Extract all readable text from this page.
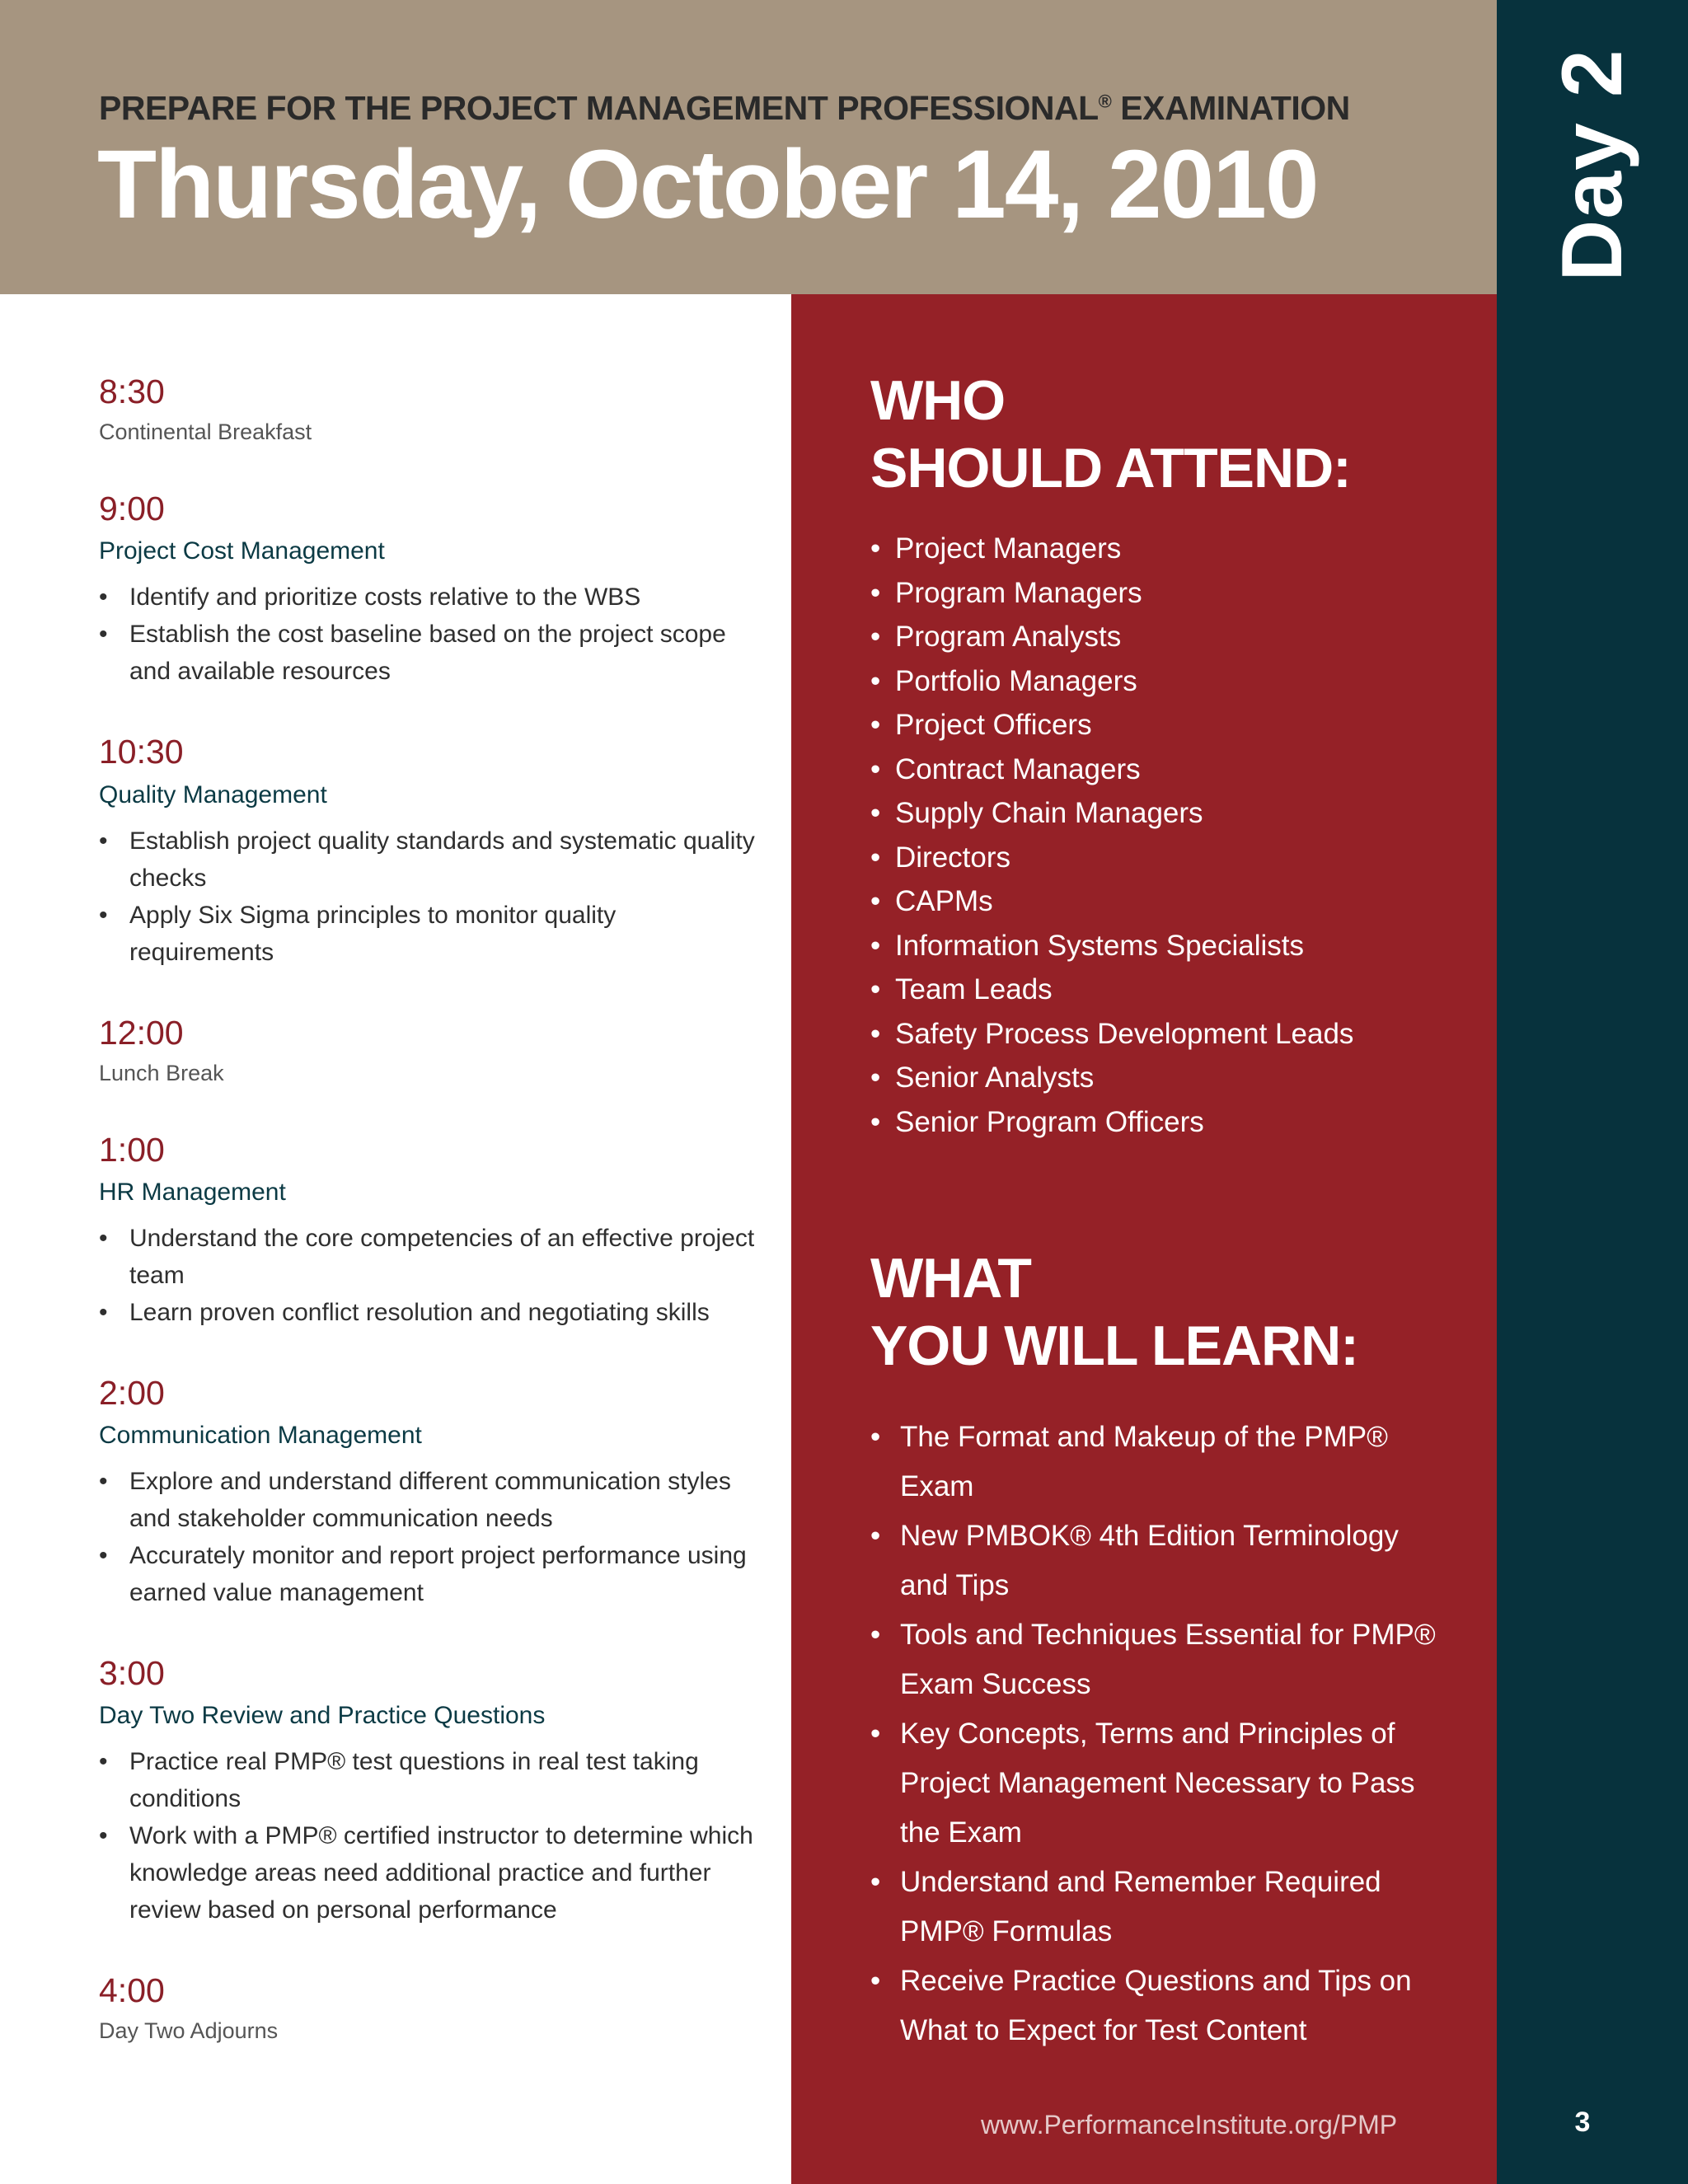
PREPARE FOR THE PROJECT MANAGEMENT PROFESSIONAL® EXAMINATION

Thursday, October 14, 2010	Day 2
3
8:30
Continental Breakfast
9:00
Project Cost Management
• Identify and prioritize costs relative to the WBS
• Establish the cost baseline based on the project scope and available resources
10:30
Quality Management
• Establish project quality standards and systematic quality checks
• Apply Six Sigma principles to monitor quality requirements
12:00
Lunch Break
1:00
HR Management
• Understand the core competencies of an effective project team
• Learn proven conflict resolution and negotiating skills
2:00
Communication Management
• Explore and understand different communication styles and stakeholder communication needs
• Accurately monitor and report project performance using earned value management
3:00
Day Two Review and Practice Questions
• Practice real PMP® test questions in real test taking conditions
• Work with a PMP® certified instructor to determine which knowledge areas need additional practice and further review based on personal performance
4:00
Day Two Adjourns
WHO
SHOULD ATTEND:
• Project Managers
• Program Managers
• Program Analysts
• Portfolio Managers
• Project Officers
• Contract Managers
• Supply Chain Managers
• Directors
• CAPMs
• Information Systems Specialists
• Team Leads
• Safety Process Development Leads
• Senior Analysts
• Senior Program Officers
WHAT
YOU WILL LEARN:
• The Format and Makeup of the PMP® Exam
• New PMBOK® 4th Edition Terminology and Tips
• Tools and Techniques Essential for PMP® Exam Success
• Key Concepts, Terms and Principles of Project Management Necessary to Pass the Exam
• Understand and Remember Required PMP® Formulas
• Receive Practice Questions and Tips on What to Expect for Test Content
www.PerformanceInstitute.org/PMP
